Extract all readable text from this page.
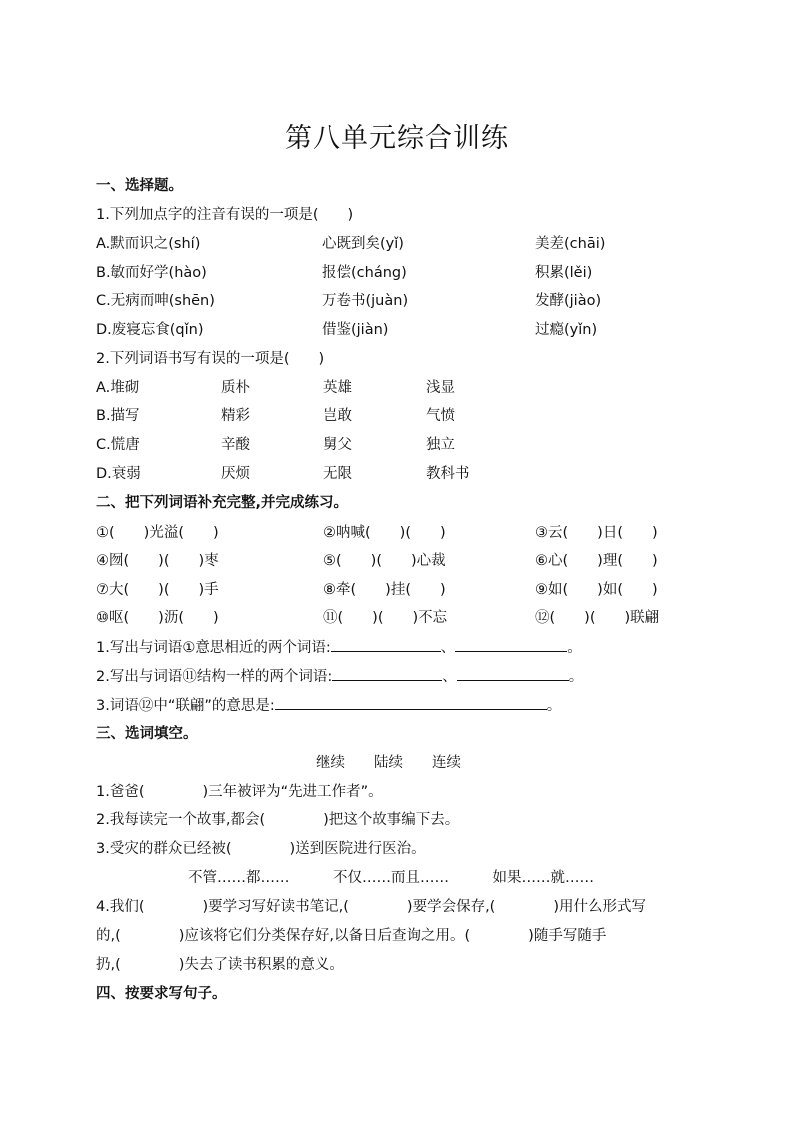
第八单元综合训练
一、选择题。
1.下列加点字的注音有误的一项是(　　)
A.默而识之(shí)	心既到矣(yǐ)	美差(chāi)
B.敏而好学(hào)	报偿(cháng)	积累(lěi)
C.无病而呻(shēn)	万卷书(juàn)	发酵(jiào)
D.废寝忘食(qǐn)	借鉴(jiàn)	过瘾(yǐn)
2.下列词语书写有误的一项是(　　)
A.堆砌	质朴	英雄	浅显
B.描写	精彩	岂敢	气愤
C.慌唐	辛酸	舅父	独立
D.衰弱	厌烦	无限	教科书
二、把下列词语补充完整,并完成练习。
①(　　)光溢(　　)	②呐喊(　　)(　　)	③云(　　)日(　　)
④囫(　　)(　　)枣	⑤(　　)(　　)心裁	⑥心(　　)理(　　)
⑦大(　　)(　　)手	⑧牵(　　)挂(　　)	⑨如(　　)如(　　)
⑩呕(　　)沥(　　)	⑪(　　)(　　)不忘	⑫(　　)(　　)联翩
1.写出与词语①意思相近的两个词语:	、	。
2.写出与词语⑪结构一样的两个词语:	、	。
3.词语⑫中“联翩”的意思是:	。
三、选词填空。
继续　　陆续　　连续
1.爸爸(　　　　)三年被评为“先进工作者”。
2.我每读完一个故事,都会(　　　　)把这个故事编下去。
3.受灾的群众已经被(　　　　)送到医院进行医治。
不管……都……　　　不仅……而且……　　　如果……就……
4.我们(　　　　)要学习写好读书笔记,(　　　　)要学会保存,(　　　　)用什么形式写
的,(　　　　)应该将它们分类保存好,以备日后查询之用。(　　　　)随手写随手
扔,(　　　　)失去了读书积累的意义。
四、按要求写句子。
